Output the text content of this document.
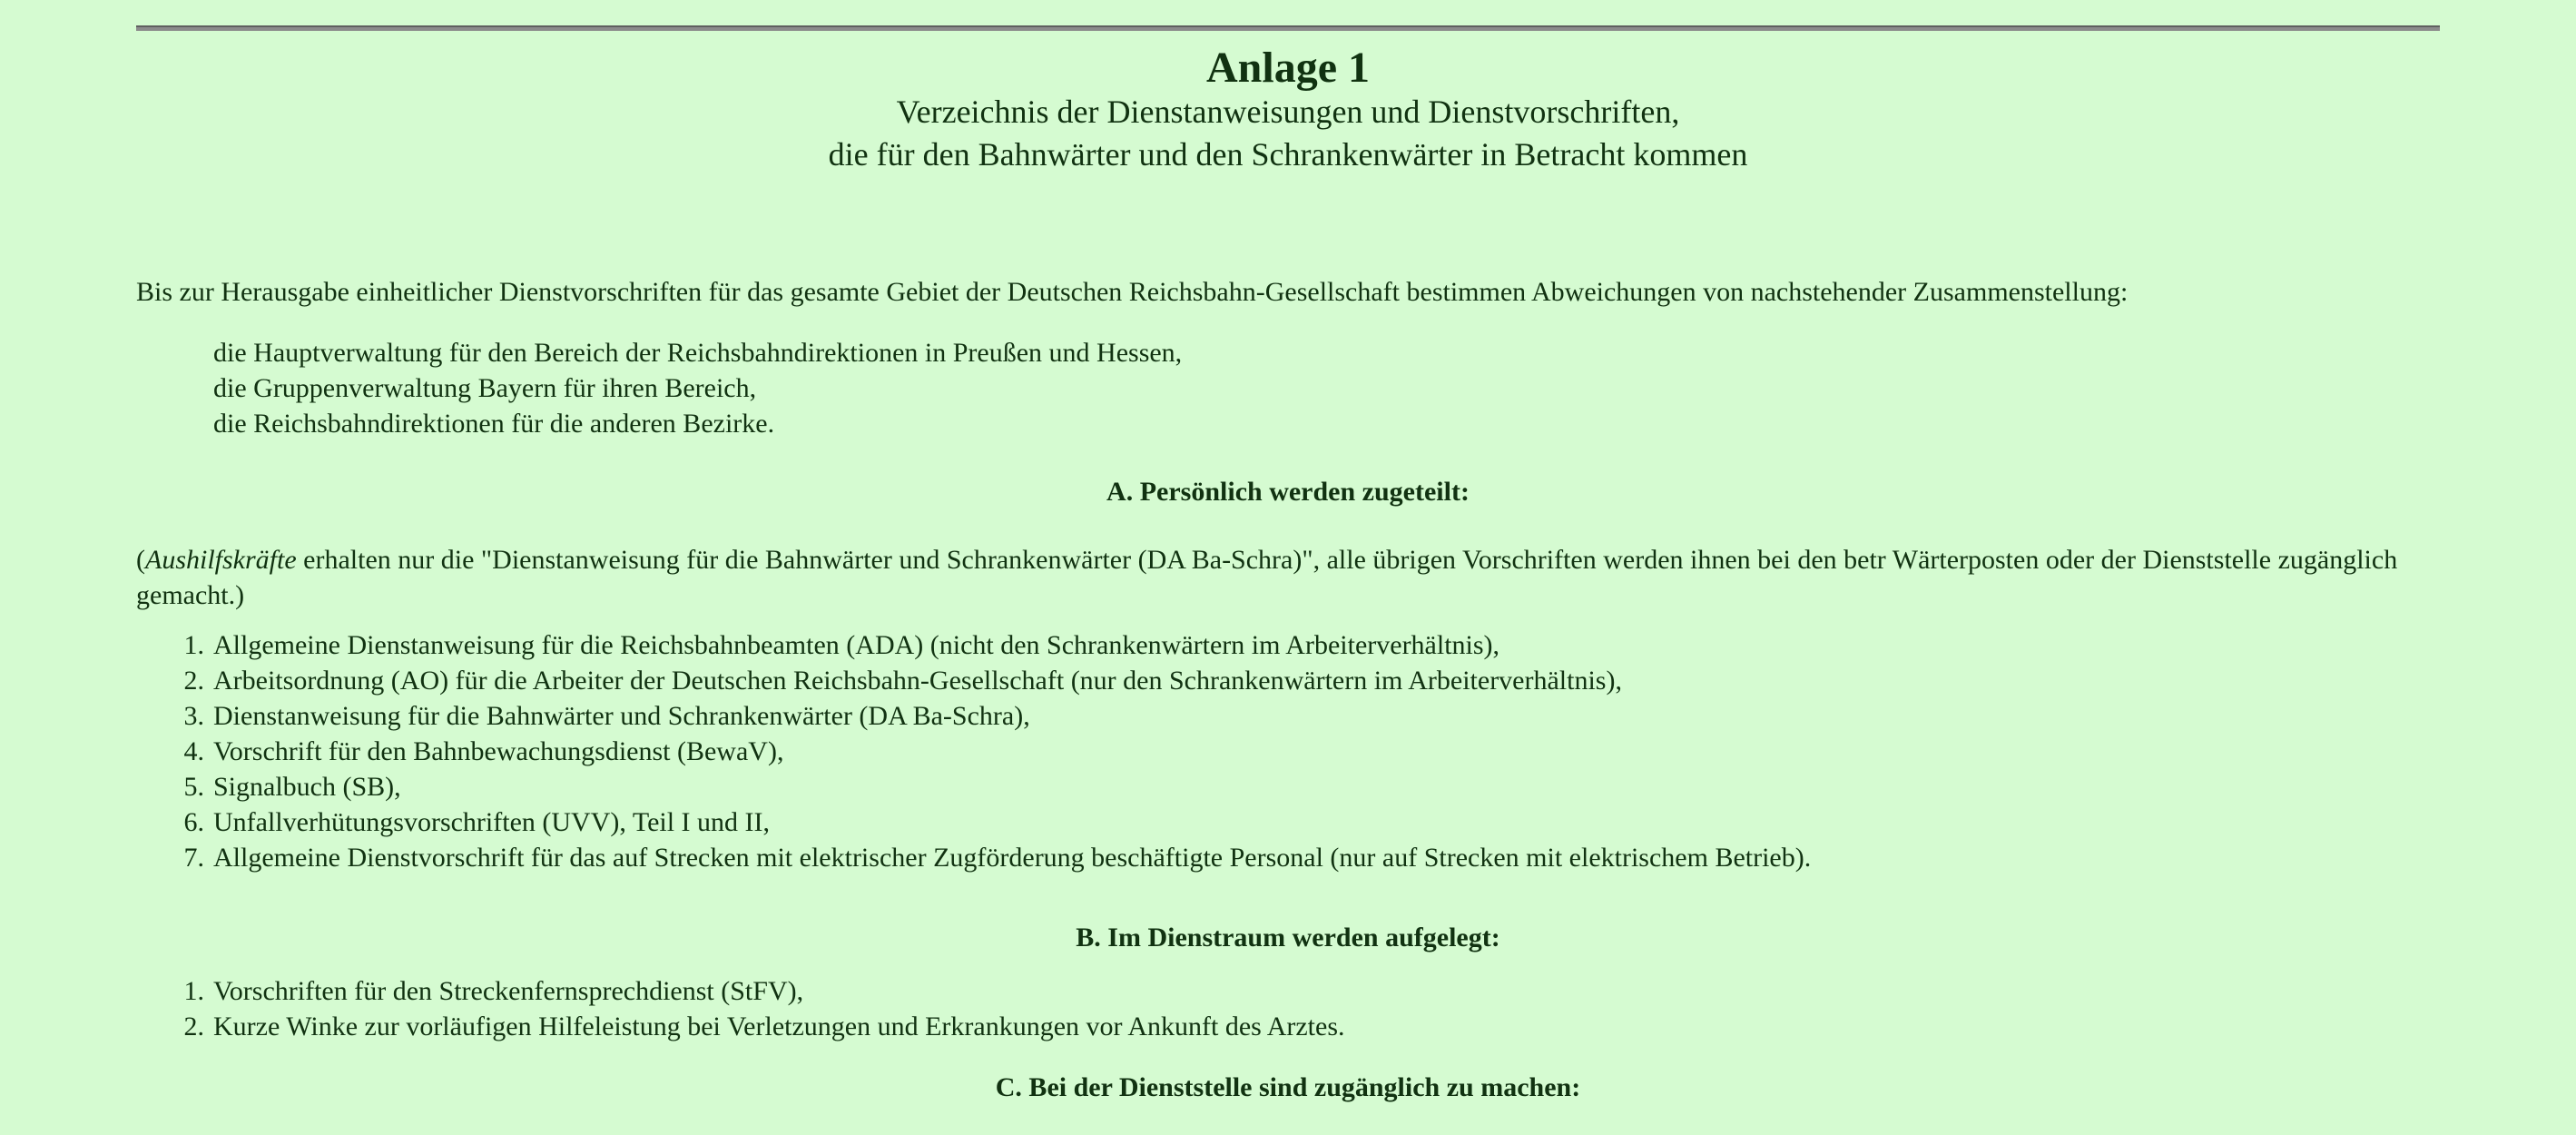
Anlage 1
Verzeichnis der Dienstanweisungen und Dienstvorschriften,
die für den Bahnwärter und den Schrankenwärter in Betracht kommen

Bis zur Herausgabe einheitlicher Dienstvorschriften für das gesamte Gebiet der Deutschen Reichsbahn-Gesellschaft bestimmen Abweichungen von nachstehender Zusammenstellung:

die Hauptverwaltung für den Bereich der Reichsbahndirektionen in Preußen und Hessen,
die Gruppenverwaltung Bayern für ihren Bereich,
die Reichsbahndirektionen für die anderen Bezirke.
A. Persönlich werden zugeteilt:

(Aushilfskräfte erhalten nur die "Dienstanweisung für die Bahnwärter und Schrankenwärter (DA Ba-Schra)", alle übrigen Vorschriften werden ihnen bei den betr Wärterposten oder der Dienststelle zugänglich gemacht.)

1. Allgemeine Dienstanweisung für die Reichsbahnbeamten (ADA) (nicht den Schrankenwärtern im Arbeiterverhältnis),
2. Arbeitsordnung (AO) für die Arbeiter der Deutschen Reichsbahn-Gesellschaft (nur den Schrankenwärtern im Arbeiterverhältnis),
3. Dienstanweisung für die Bahnwärter und Schrankenwärter (DA Ba-Schra),
4. Vorschrift für den Bahnbewachungsdienst (BewaV),
5. Signalbuch (SB),
6. Unfallverhütungsvorschriften (UVV), Teil I und II,
7. Allgemeine Dienstvorschrift für das auf Strecken mit elektrischer Zugförderung beschäftigte Personal (nur auf Strecken mit elektrischem Betrieb).
B. Im Dienstraum werden aufgelegt:
1. Vorschriften für den Streckenfernsprechdienst (StFV),
2. Kurze Winke zur vorläufigen Hilfeleistung bei Verletzungen und Erkrankungen vor Ankunft des Arztes.
C. Bei der Dienststelle sind zugänglich zu machen:
